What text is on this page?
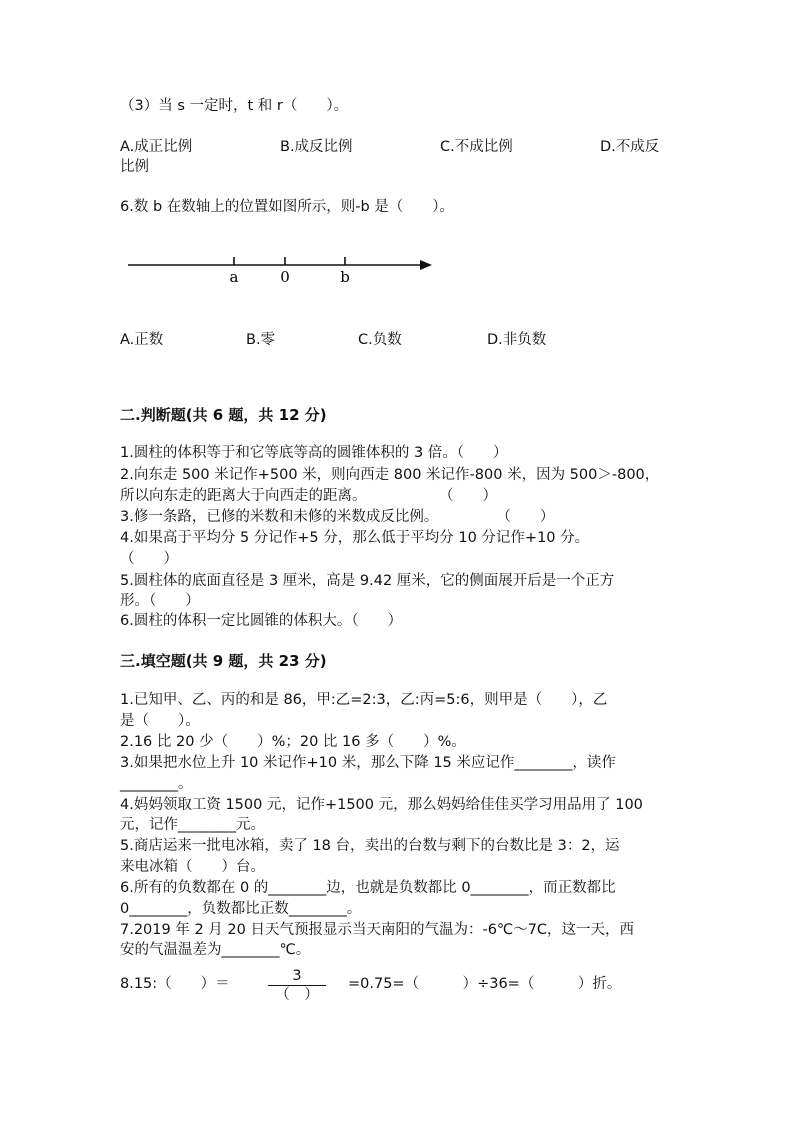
（3）当 s 一定时，t 和 r（　　）。
A.成正比例	B.成反比例	C.不成比例	D.不成反
比例
6.数 b 在数轴上的位置如图所示，则-b 是（　　）。
a	0	b
A.正数	B.零	C.负数	D.非负数
二.判断题(共 6 题，共 12 分)
1.圆柱的体积等于和它等底等高的圆锥体积的 3 倍。（　　）
2.向东走 500 米记作+500 米，则向西走 800 米记作-800 米，因为 500＞-800，
所以向东走的距离大于向西走的距离。　　　　　　（　　）
3.修一条路，已修的米数和未修的米数成反比例。　　　　　（　　）
4.如果高于平均分 5 分记作+5 分，那么低于平均分 10 分记作+10 分。
（　　）
5.圆柱体的底面直径是 3 厘米，高是 9.42 厘米，它的侧面展开后是一个正方
形。（　　）
6.圆柱的体积一定比圆锥的体积大。（　　）
三.填空题(共 9 题，共 23 分)
1.已知甲、乙、丙的和是 86，甲:乙=2:3，乙:丙=5:6，则甲是（　　），乙
是（　　）。
2.16 比 20 少（　　）%；20 比 16 多（　　）%。
3.如果把水位上升 10 米记作+10 米，那么下降 15 米应记作________，读作
________。
4.妈妈领取工资 1500 元，记作+1500 元，那么妈妈给佳佳买学习用品用了 100
元，记作________元。
5.商店运来一批电冰箱，卖了 18 台，卖出的台数与剩下的台数比是 3：2，运
来电冰箱（　　）台。
6.所有的负数都在 0 的________边，也就是负数都比 0________，而正数都比
0________，负数都比正数________。
7.2019 年 2 月 20 日天气预报显示当天南阳的气温为：-6℃～7C，这一天，西
安的气温温差为________℃。
8.15:（　　）＝	3
（　）
=0.75=（　　　）÷36=（　　　）折。
